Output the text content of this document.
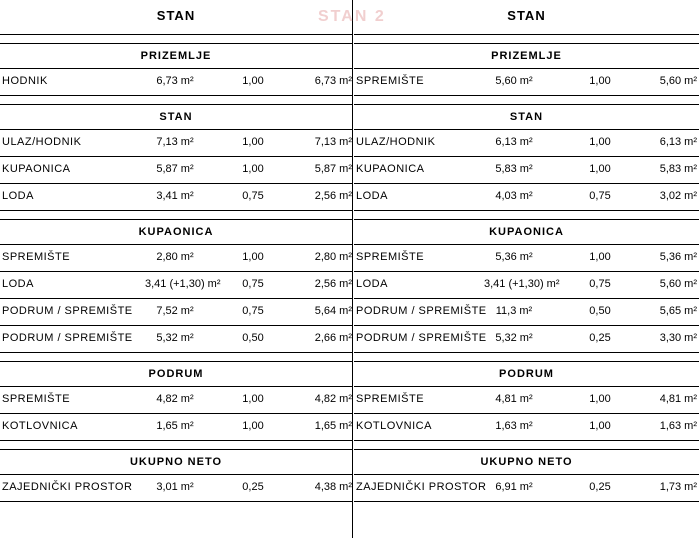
STAN
PRIZEMLJE
HODNIK	6,73 m²	1,00	6,73 m²
STAN
ULAZ/HODNIK	7,13 m²	1,00	7,13 m²
KUPAONICA	5,87 m²	1,00	5,87 m²
LODA	3,41 m²	0,75	2,56 m²
KUPAONICA
SPREMIŠTE	2,80 m²	1,00	2,80 m²
LODA	3,41 (+1,30) m²	0,75	2,56 m²
PODRUM / SPREMIŠTE	7,52 m²	0,75	5,64 m²
PODRUM / SPREMIŠTE	5,32 m²	0,50	2,66 m²
PODRUM
SPREMIŠTE	4,82 m²	1,00	4,82 m²
KOTLOVNICA	1,65 m²	1,00	1,65 m²
UKUPNO NETO
ZAJEDNIČKI PROSTOR	3,01 m²	0,25	4,38 m²
STAN
PRIZEMLJE
SPREMIŠTE	5,60 m²	1,00	5,60 m²
STAN
ULAZ/HODNIK	6,13 m²	1,00	6,13 m²
KUPAONICA	5,83 m²	1,00	5,83 m²
LODA	4,03 m²	0,75	3,02 m²
KUPAONICA
SPREMIŠTE	5,36 m²	1,00	5,36 m²
LODA	3,41 (+1,30) m²	0,75	5,60 m²
PODRUM / SPREMIŠTE 11,3 m²	0,50	5,65 m²
PODRUM / SPREMIŠTE 5,32 m²	0,25	3,30 m²
PODRUM
SPREMIŠTE	4,81 m²	1,00	4,81 m²
KOTLOVNICA	1,63 m²	1,00	1,63 m²
UKUPNO NETO
ZAJEDNIČKI PROSTOR 6,91 m²	0,25	1,73 m²
STAN 2
